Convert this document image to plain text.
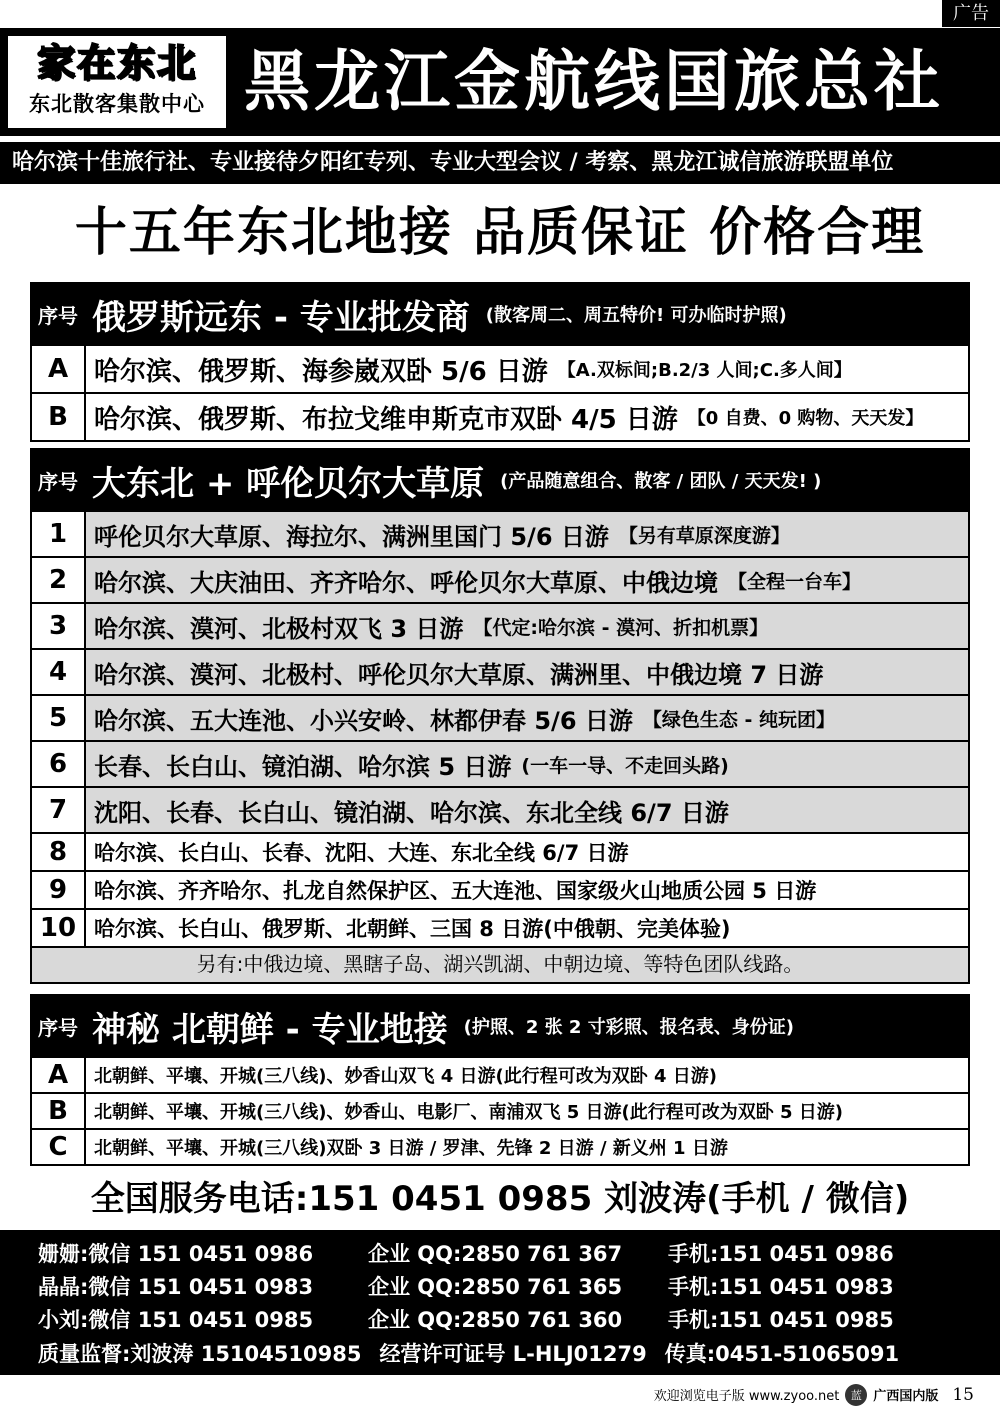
广告
家在东北
东北散客集散中心 黑龙江金航线国旅总社
哈尔滨十佳旅行社、专业接待夕阳红专列、专业大型会议 / 考察、黑龙江诚信旅游联盟单位
十五年东北地接 品质保证 价格合理
序号 俄罗斯远东 - 专业批发商 (散客周二、周五特价! 可办临时护照)
A 哈尔滨、俄罗斯、海参崴双卧 5/6 日游 【A.双标间;B.2/3 人间;C.多人间】
B	哈尔滨、俄罗斯、布拉戈维申斯克市双卧 4/5 日游 【0 自费、0 购物、天天发】
序号 大东北 + 呼伦贝尔大草原 (产品随意组合、散客 / 团队 / 天天发! )
1	呼伦贝尔大草原、海拉尔、满洲里国门 5/6 日游 【另有草原深度游】
2	哈尔滨、大庆油田、齐齐哈尔、呼伦贝尔大草原、中俄边境 【全程一台车】
3	哈尔滨、漠河、北极村双飞 3 日游 【代定:哈尔滨 - 漠河、折扣机票】
4	哈尔滨、漠河、北极村、呼伦贝尔大草原、满洲里、中俄边境 7 日游
5	哈尔滨、五大连池、小兴安岭、林都伊春 5/6 日游 【绿色生态 - 纯玩团】
6	长春、长白山、镜泊湖、哈尔滨 5 日游 (一车一导、不走回头路)
7	沈阳、长春、长白山、镜泊湖、哈尔滨、东北全线 6/7 日游
8	哈尔滨、长白山、长春、沈阳、大连、东北全线 6/7 日游
9	哈尔滨、齐齐哈尔、扎龙自然保护区、五大连池、国家级火山地质公园 5 日游
10 哈尔滨、长白山、俄罗斯、北朝鲜、三国 8 日游(中俄朝、完美体验)
另有:中俄边境、黑瞎子岛、湖兴凯湖、中朝边境、等特色团队线路。
序号 神秘 北朝鲜 - 专业地接 (护照、2 张 2 寸彩照、报名表、身份证)
A	北朝鲜、平壤、开城(三八线)、妙香山双飞 4 日游(此行程可改为双卧 4 日游)
B	北朝鲜、平壤、开城(三八线)、妙香山、电影厂、南浦双飞 5 日游(此行程可改为双卧 5 日游)
C	北朝鲜、平壤、开城(三八线)双卧 3 日游 / 罗津、先锋 2 日游 / 新义州 1 日游
全国服务电话:151 0451 0985 刘波涛(手机 / 微信)
姗姗:微信 151 0451 0986	企业 QQ:2850 761 367	手机:151 0451 0986
晶晶:微信 151 0451 0983	企业 QQ:2850 761 365	手机:151 0451 0983
小刘:微信 151 0451 0985	企业 QQ:2850 761 360	手机:151 0451 0985
质量监督:刘波涛 15104510985 经营许可证号 L-HLJ01279 传真:0451-51065091
欢迎浏览电子版 www.zyoo.net	蓝 广西国内版 15
